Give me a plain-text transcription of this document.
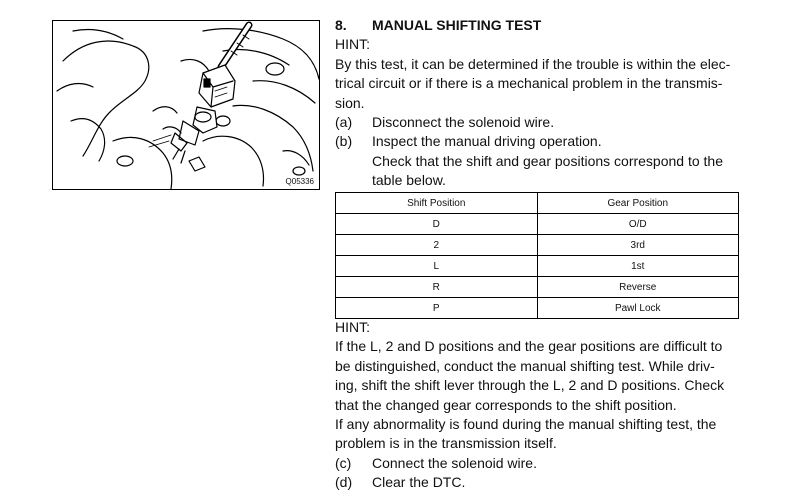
Q05336
8. MANUAL SHIFTING TEST
HINT:
By this test, it can be determined if the trouble is within the elec-
trical circuit or if there is a mechanical problem in the transmis-
sion.
(a)	Disconnect the solenoid wire.
(b)	Inspect the manual driving operation.
Check that the shift and gear positions correspond to the
table below.
Shift Position	Gear Position
D	O/D
2	3rd
L	1st
R	Reverse
P	Pawl Lock
HINT:
If the L, 2 and D positions and the gear positions are difficult to
be distinguished, conduct the manual shifting test. While driv-
ing, shift the shift lever through the L, 2 and D positions. Check
that the changed gear corresponds to the shift position.
If any abnormality is found during the manual shifting test, the
problem is in the transmission itself.
(c)	Connect the solenoid wire.
(d)	Clear the DTC.
